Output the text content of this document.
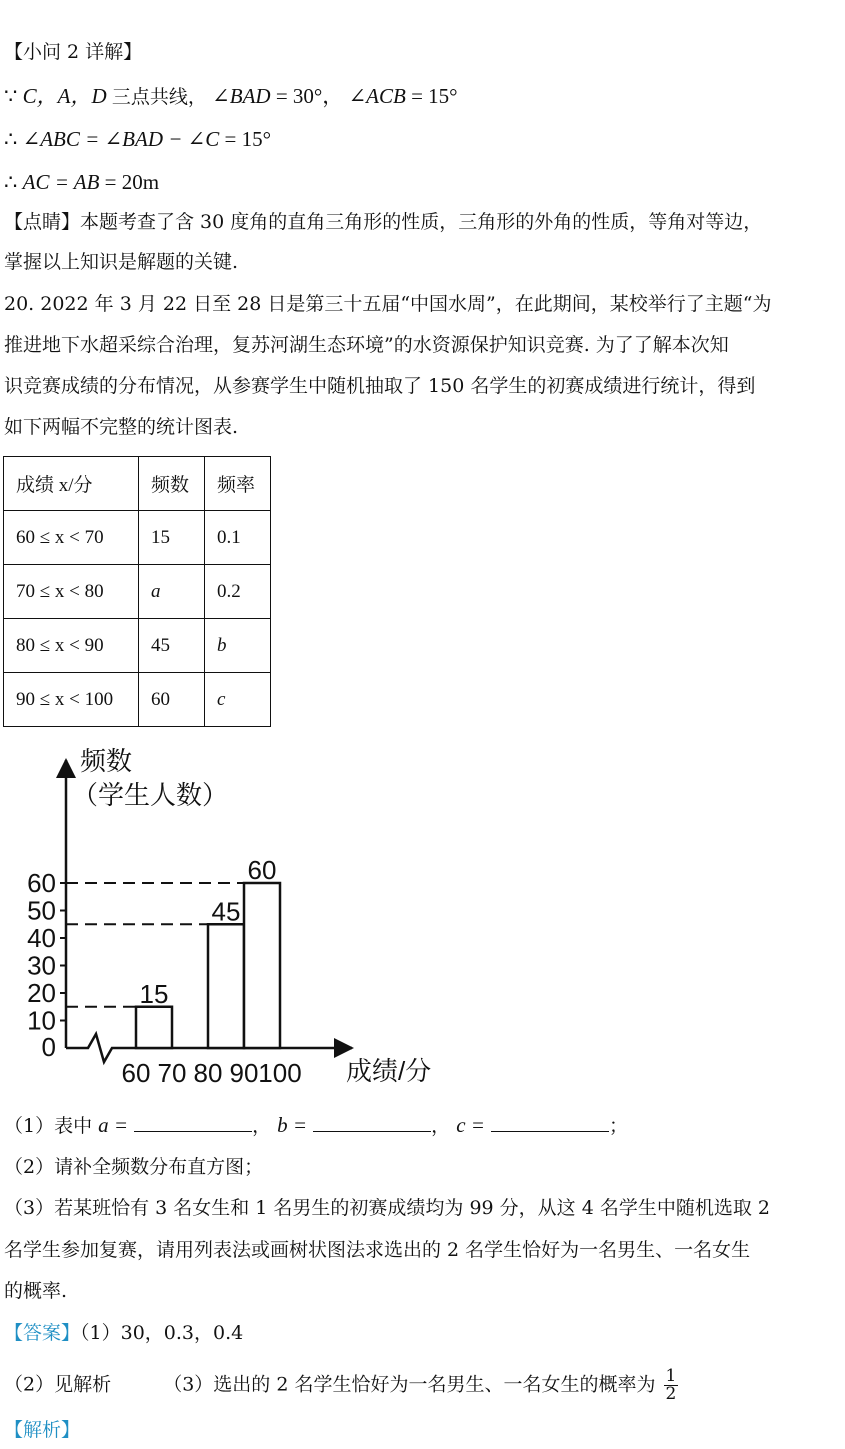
【小问 2 详解】
∵ C，A，D 三点共线， ∠BAD = 30°， ∠ACB = 15°
∴ ∠ABC = ∠BAD − ∠C = 15°
∴ AC = AB = 20m
【点睛】本题考查了含 30 度角的直角三角形的性质，三角形的外角的性质，等角对等边，
掌握以上知识是解题的关键.
20. 2022 年 3 月 22 日至 28 日是第三十五届“中国水周”，在此期间，某校举行了主题“为
推进地下水超采综合治理，复苏河湖生态环境”的水资源保护知识竞赛. 为了了解本次知
识竞赛成绩的分布情况，从参赛学生中随机抽取了 150 名学生的初赛成绩进行统计，得到
如下两幅不完整的统计图表.
成绩 x/分	频数	频率
60 ≤ x < 70	15	0.1
70 ≤ x < 80	a	0.2
80 ≤ x < 90	45	b
90 ≤ x < 100	60	c
频数
（学生人数）
成绩/分
0
10
20
30
40
50
60
60 70 80 90 100
15
45
60
（1）表中 a =	， b =	， c =	；
（2）请补全频数分布直方图；
（3）若某班恰有 3 名女生和 1 名男生的初赛成绩均为 99 分，从这 4 名学生中随机选取 2
名学生参加复赛，请用列表法或画树状图法求选出的 2 名学生恰好为一名男生、一名女生
的概率.
【答案】（1）30，0.3，0.4
（2）见解析	（3）选出的 2 名学生恰好为一名男生、一名女生的概率为 $\frac{1}{2}$
【解析】
